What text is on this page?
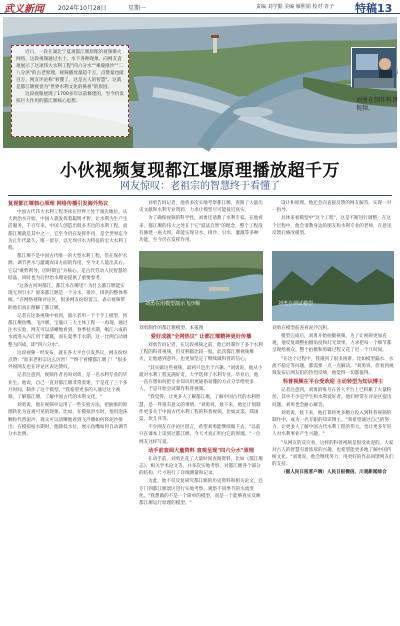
武义新闻 2024年10月28日	星期一	责编 刘学勤 美编 雁熙娟 校对 青子 特稿13

近日，一段在湖北宁夏观都江堰原理的视频爆火网络，这段视频通过水土、水下各种现象、向网友直观展示了这项伟大水利工程"四六分水""乘坡排沙""二八分洪"的古老原理，视频播放量超千万，点赞量也破百万，网友评论称"看懂了，这是古人的智慧"。这就是都江堰被誉为"世界水利文化的鼻祖"的原因。

这段视频展现了1700多年以前修建的，至今仍发挥巨大作用的都江堰核心思想。	刘勇在制作科普视频。
7月17日，都江堰渠首工作进行分流。	新华社发
小伙视频复现都江堰原理播放超千万
网友惊叹：老祖宗的智慧终于看懂了
复现都江堰核心原理 网络传播引发海外热议

中国古代伟大水利工程李冰在世界上处于领先地位。从大禹治水开始，中国人就发挥着聪明才智，让水利为生产生活服务。千百年来，中国人创造出很多杰出的水利工程，而都江堰就是其中之一，它至今仍在发挥作用，是全世界迄今为止年代最久、唯一留存，以无坝引水为特征的宏大水利工程。

都江堰不是中国古代唯一的大型水利工程，但在保护水源，调节洪水与灌溉农田方面的作用，至今无人能出其右。它以"乘势利导，因时制宜"为核心，是古代劳动人民智慧的结晶，同时也为后世治水理论提供了重要参考。

"这条古河叫都江，都江水在哪里？为什么都江堰能实现无坝引水？原来都江堰是一个分水、排沙、排洪的整体系统。"在网络视频评论区，很多网友纷纷留言，表示视频帮助他们真正理解了都江堰。

记者在这条视频中看到，演示者用一个个手工模型，将都江堰鱼嘴、飞沙堰、宝瓶口三大主体工程一一再现。通过注水实验，网友可以清晰地看到，春季枯水期，岷江六成的水流进入内江用于灌溉，而在夏季丰水期，这一比例自动调整为四成，即"四六分水"。

这段视频一经发布，就在各大平台引发热议，网友纷纷点赞："原来老祖宗这么厉害！""终于看懂都江堰了！"很多外国网友也在评论区表达赞叹。

记者注意到，视频作者名叫刘勇，是一名水利专业的毕业生。他说，自己一直对都江堰非常着迷，于是花了三个多月时间，制作了这个模型。"我希望更多的人通过这个视频，了解都江堰，了解中国古代的水利文化。"

刘勇说，他在视频中运用了一些实验方法，把抽象的原理转化为直观可见的现象。比如，在模拟洪水时，他用泡沫颗粒代替泥沙，观众可以清晰地看到飞沙堰如何将泥沙排出；在模拟枯水期时，他降低水位，展示鱼嘴如何自动调节分水比例。

刘勇告诉记者，他曾多次实地考察都江堰，查阅了大量历史文献和水利专业资料，力求让模型尽可能接近真实。

为了确保视频的科学性，刘勇还请教了水利专家。在他看来，都江堰的伟大之处在于它"道法自然"的理念，整个工程没有修建一座大坝，却能实现分水、排沙、引水、灌溉等多种功能，至今仍在发挥作用。

设计和原理。他还会向直接反馈的网友解答，实现一对一指导。

具体来看模型中"这个工程"，这是不断进行调整，在这个过程中，他会请教身边的朋友和水利专业的老师，在意见反馈后修改模型。

刘勇在用模型演示飞沙堰	刘勇在调试模型
刘勇制作的都江堰模型。本报图	刘勇在模型前查看泥沙沉积。
爱好成就"全网热议" 让都江堰精神更好传播

刘勇告诉记者，在这段视频之前，他已经制作了多个水利工程的科普视频，但反响都比较一般。此次都江堰视频爆火，让他感到意外，也更加坚定了继续做科普的信心。

"其实做这些视频，最初只是出于兴趣。"刘勇说，他从小就对水利工程充满好奇，大学选择了水利专业。毕业后，他一直在想如何把专业知识用更通俗易懂的方式分享给更多人，于是开始尝试制作科普视频。

"我觉得，让更多人了解都江堰，了解中国古代的水利智慧，是一件很有意义的事情。"刘勇说，接下来，他还计划制作更多关于中国古代水利工程的科普视频，比如灵渠、郑国渠、坎儿井等。

不少网友在评论区留言，希望刘勇能继续做下去。"以前只在课本上读到过都江堰，今天才真正明白它的原理。"一位网友这样写道。

动手前查阅大量资料 直观呈现"四六分水"原理

在动手前，刘勇先花了大量时间查阅资料，比如《都江堰志》、相关学术论文等，并多次实地考察，对都江堰各个部分的结构、尺寸进行了详细测量和记录。

为此，他不仅反复研究都江堰的历史资料和相关论文，还专门到都江堰景区进行实地考察，观察不同季节的水流变化。"我想做的不是一个简单的模型，而是一个能够真实反映都江堰运行原理的模型。"

模型完成后，刘勇开始拍摄视频。为了让视频更加直观，他反复调整拍摄角度和灯光效果，力求把每一个细节都呈现给观众。整个拍摄和剪辑过程又花了近一个月时间。

"在这个过程中，我遇到了很多困难。比如模型漏水、水流不稳定等问题，都需要一点一点解决。"刘勇说，但看到视频发布后网友们的热烈反响，他觉得一切都值得。

科普视频在平台受欢迎 主动转型为知识博主

记者注意到，刘勇的账号在各大平台上已积累了大量粉丝，其中不少是学生和水利爱好者。他们经常在评论区提出问题，刘勇也会耐心解答。

刘勇说，接下来，他打算将更多精力投入到科普视频的制作中，成为一名专职的知识博主。"我希望通过自己的努力，让更多人了解中国古代水利工程的伟大，也让更多年轻人对水利事业产生兴趣。"

"从网友的反应看，这样的科普视频是很受欢迎的。大家对古人的智慧有着浓厚的兴趣，也希望能更多地了解中国传统文化。"刘勇说，他会继续努力，用更好的作品回馈网友们的支持。

（据人民日报客户端）人民日报微信、川观新闻综合
